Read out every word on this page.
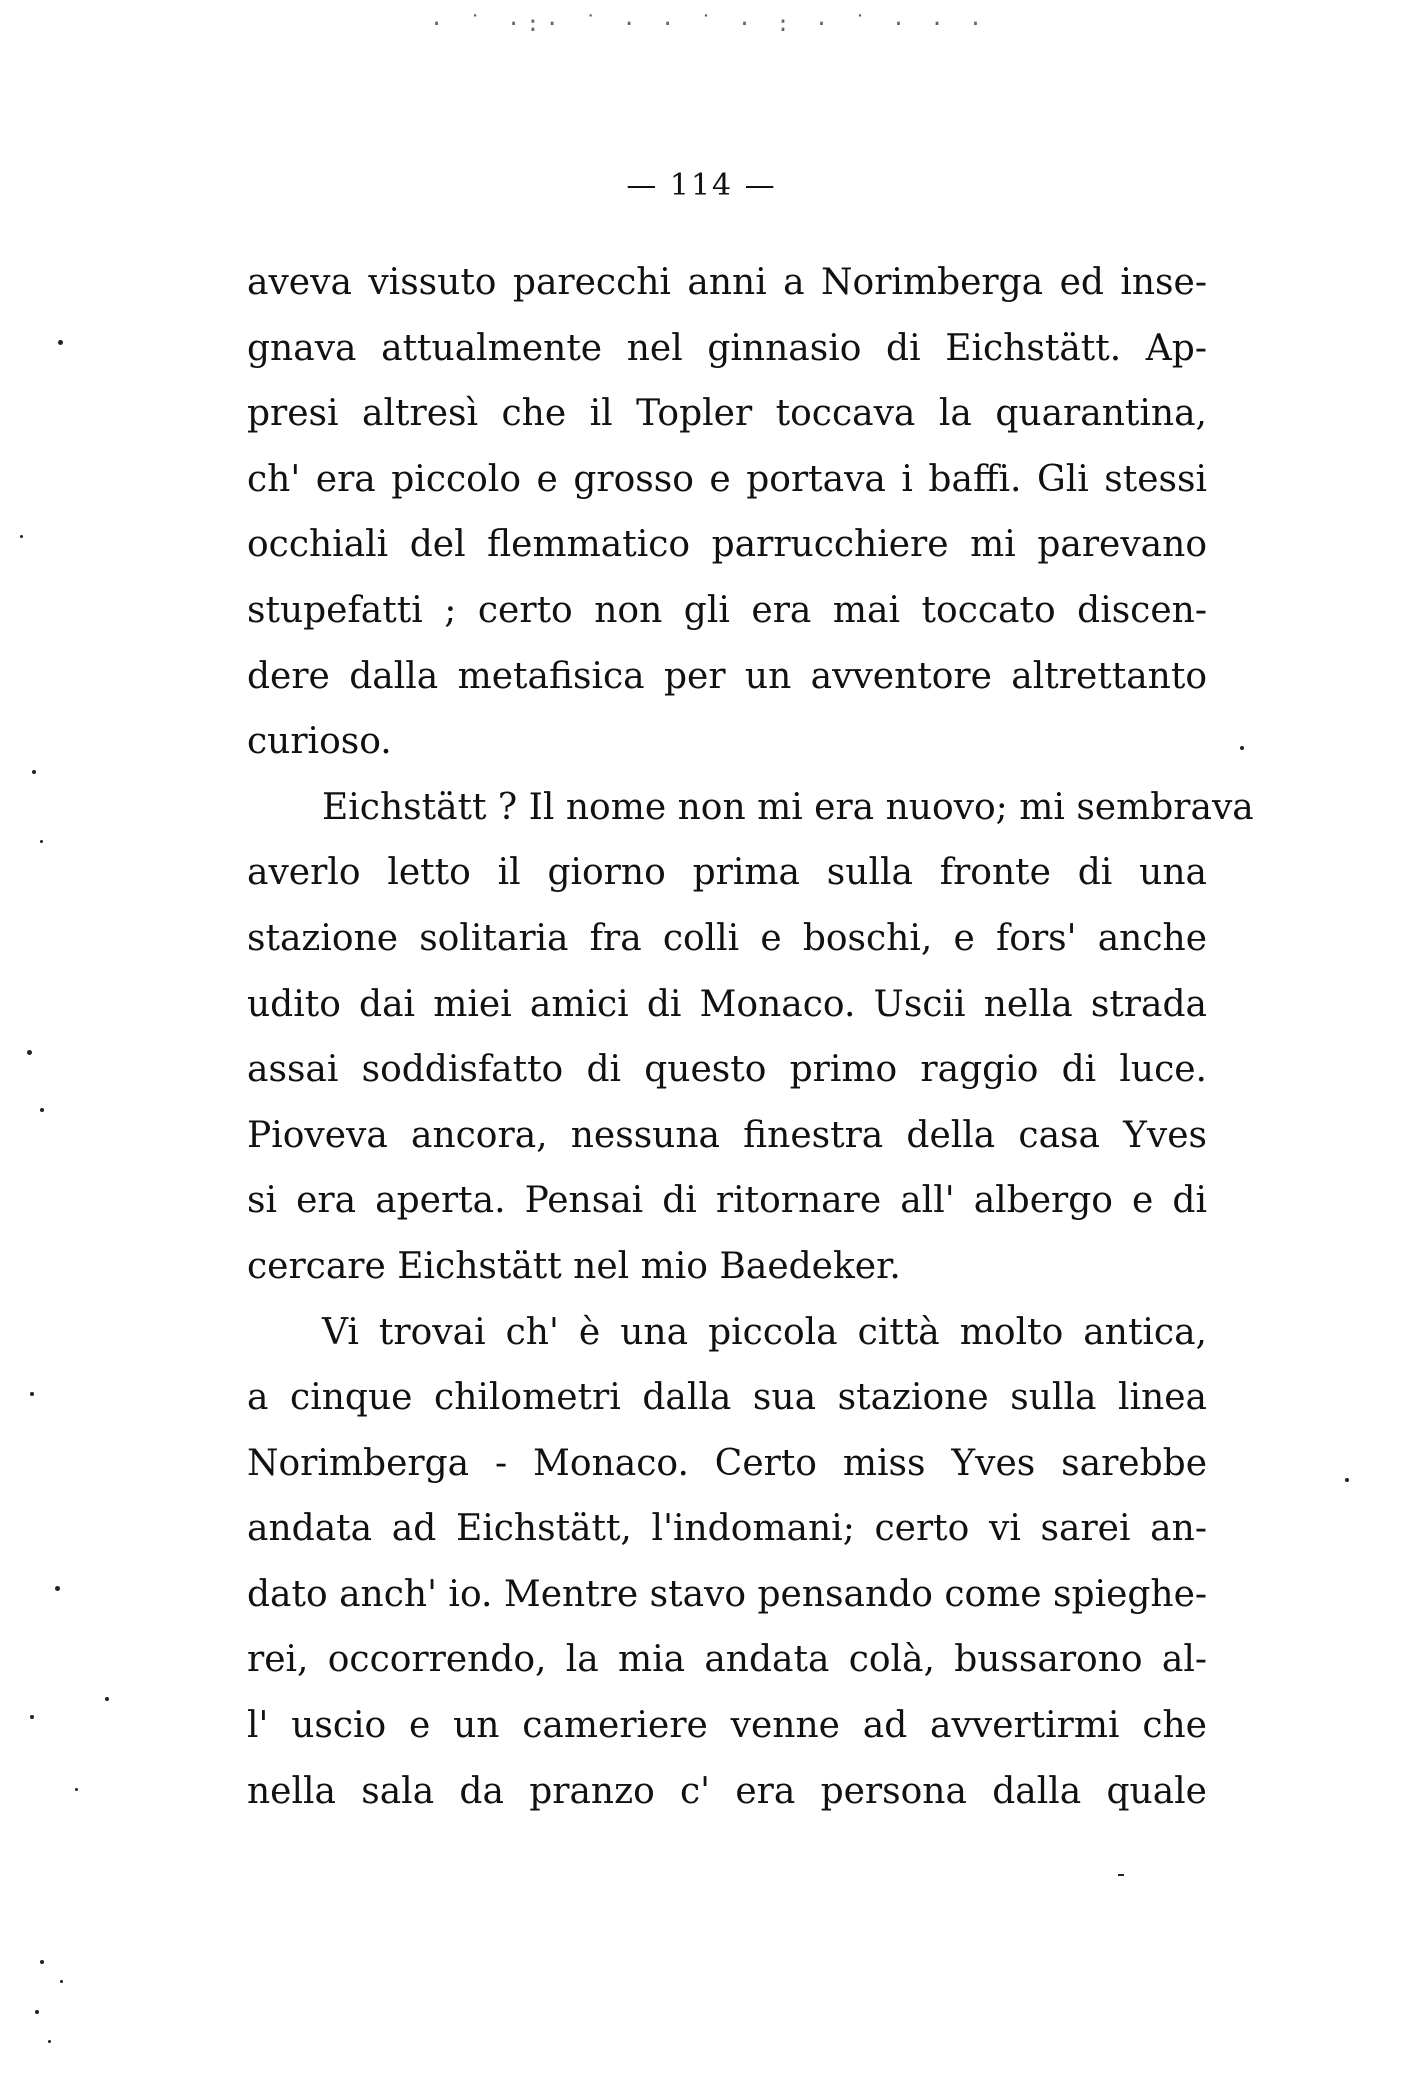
· ˙ ·:· ˙ · · ˙ · : · ˙ · · ·
— 114 —
aveva vissuto parecchi anni a Norimberga ed inse-
gnava attualmente nel ginnasio di Eichstätt. Ap-
presi altresì che il Topler toccava la quarantina,
ch' era piccolo e grosso e portava i baffi. Gli stessi
occhiali del flemmatico parrucchiere mi parevano
stupefatti ; certo non gli era mai toccato discen-
dere dalla metafisica per un avventore altrettanto
curioso.
Eichstätt ? Il nome non mi era nuovo; mi sembrava
averlo letto il giorno prima sulla fronte di una
stazione solitaria fra colli e boschi, e fors' anche
udito dai miei amici di Monaco. Uscii nella strada
assai soddisfatto di questo primo raggio di luce.
Pioveva ancora, nessuna finestra della casa Yves
si era aperta. Pensai di ritornare all' albergo e di
cercare Eichstätt nel mio Baedeker.
Vi trovai ch' è una piccola città molto antica,
a cinque chilometri dalla sua stazione sulla linea
Norimberga - Monaco. Certo miss Yves sarebbe
andata ad Eichstätt, l'indomani; certo vi sarei an-
dato anch' io. Mentre stavo pensando come spieghe-
rei, occorrendo, la mia andata colà, bussarono al-
l' uscio e un cameriere venne ad avvertirmi che
nella sala da pranzo c' era persona dalla quale
